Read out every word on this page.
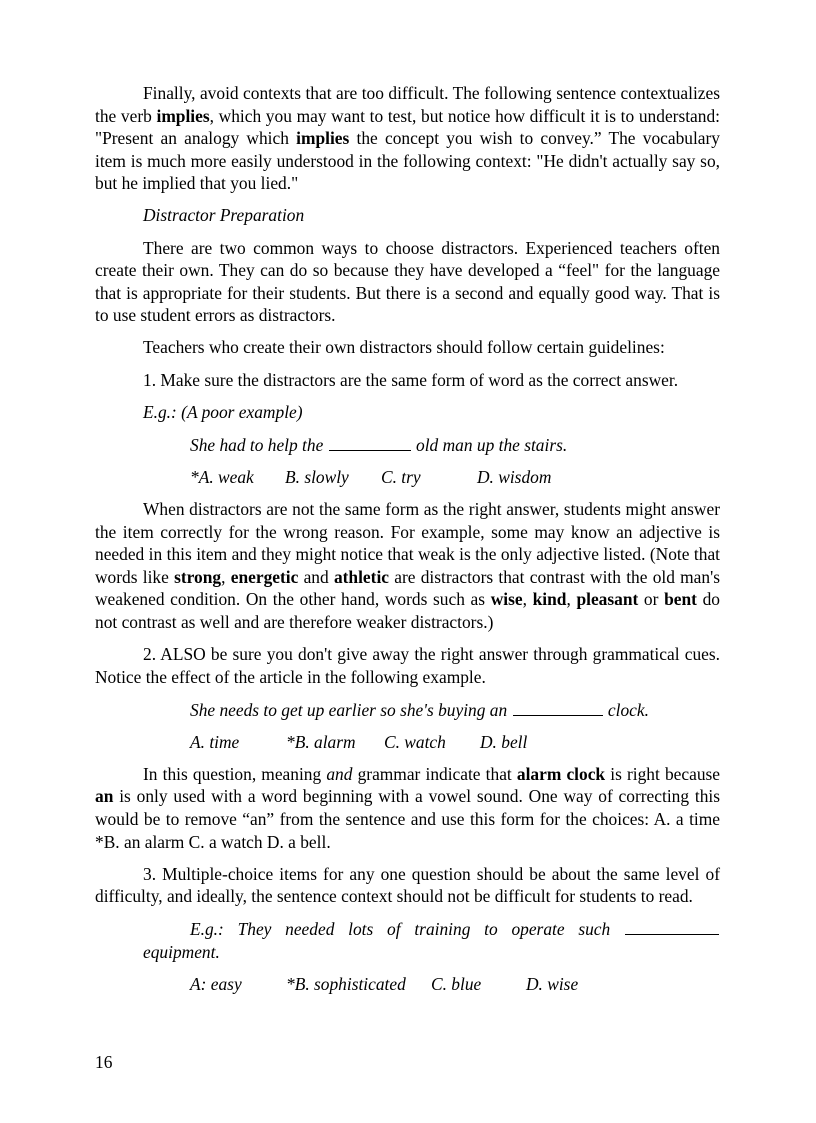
Finally, avoid contexts that are too difficult. The following sentence contextualizes the verb implies, which you may want to test, but notice how difficult it is to understand: "Present an analogy which implies the concept you wish to convey.” The vocabulary item is much more easily understood in the following context: "He didn't actually say so, but he implied that you lied."

Distractor Preparation

There are two common ways to choose distractors. Experienced teachers often create their own. They can do so because they have developed a “feel" for the language that is appropriate for their students. But there is a second and equally good way. That is to use student errors as distractors.

Teachers who create their own distractors should follow certain guidelines:

1. Make sure the distractors are the same form of word as the correct answer.

E.g.: (A poor example)

She had to help the	old man up the stairs.

*A. weak B. slowly C. try	D. wisdom

When distractors are not the same form as the right answer, students might answer the item correctly for the wrong reason. For example, some may know an adjective is needed in this item and they might notice that weak is the only adjective listed. (Note that words like strong, energetic and athletic are distractors that contrast with the old man's weakened condition. On the other hand, words such as wise, kind, pleasant or bent do not contrast as well and are therefore weaker distractors.)

2. ALSO be sure you don't give away the right answer through grammatical cues. Notice the effect of the article in the following example.

She needs to get up earlier so she's buying an	clock.

A. time	*B. alarm C. watch D. bell

In this question, meaning and grammar indicate that alarm clock is right because an is only used with a word beginning with a vowel sound. One way of correcting this would be to remove “an” from the sentence and use this form for the choices: A. a time *B. an alarm C. a watch D. a bell.

3. Multiple-choice items for any one question should be about the same level of difficulty, and ideally, the sentence context should not be difficult for students to read.

E.g.: They needed lots of training to operate such
equipment.

A: easy	*B. sophisticated C. blue	D. wise

16
